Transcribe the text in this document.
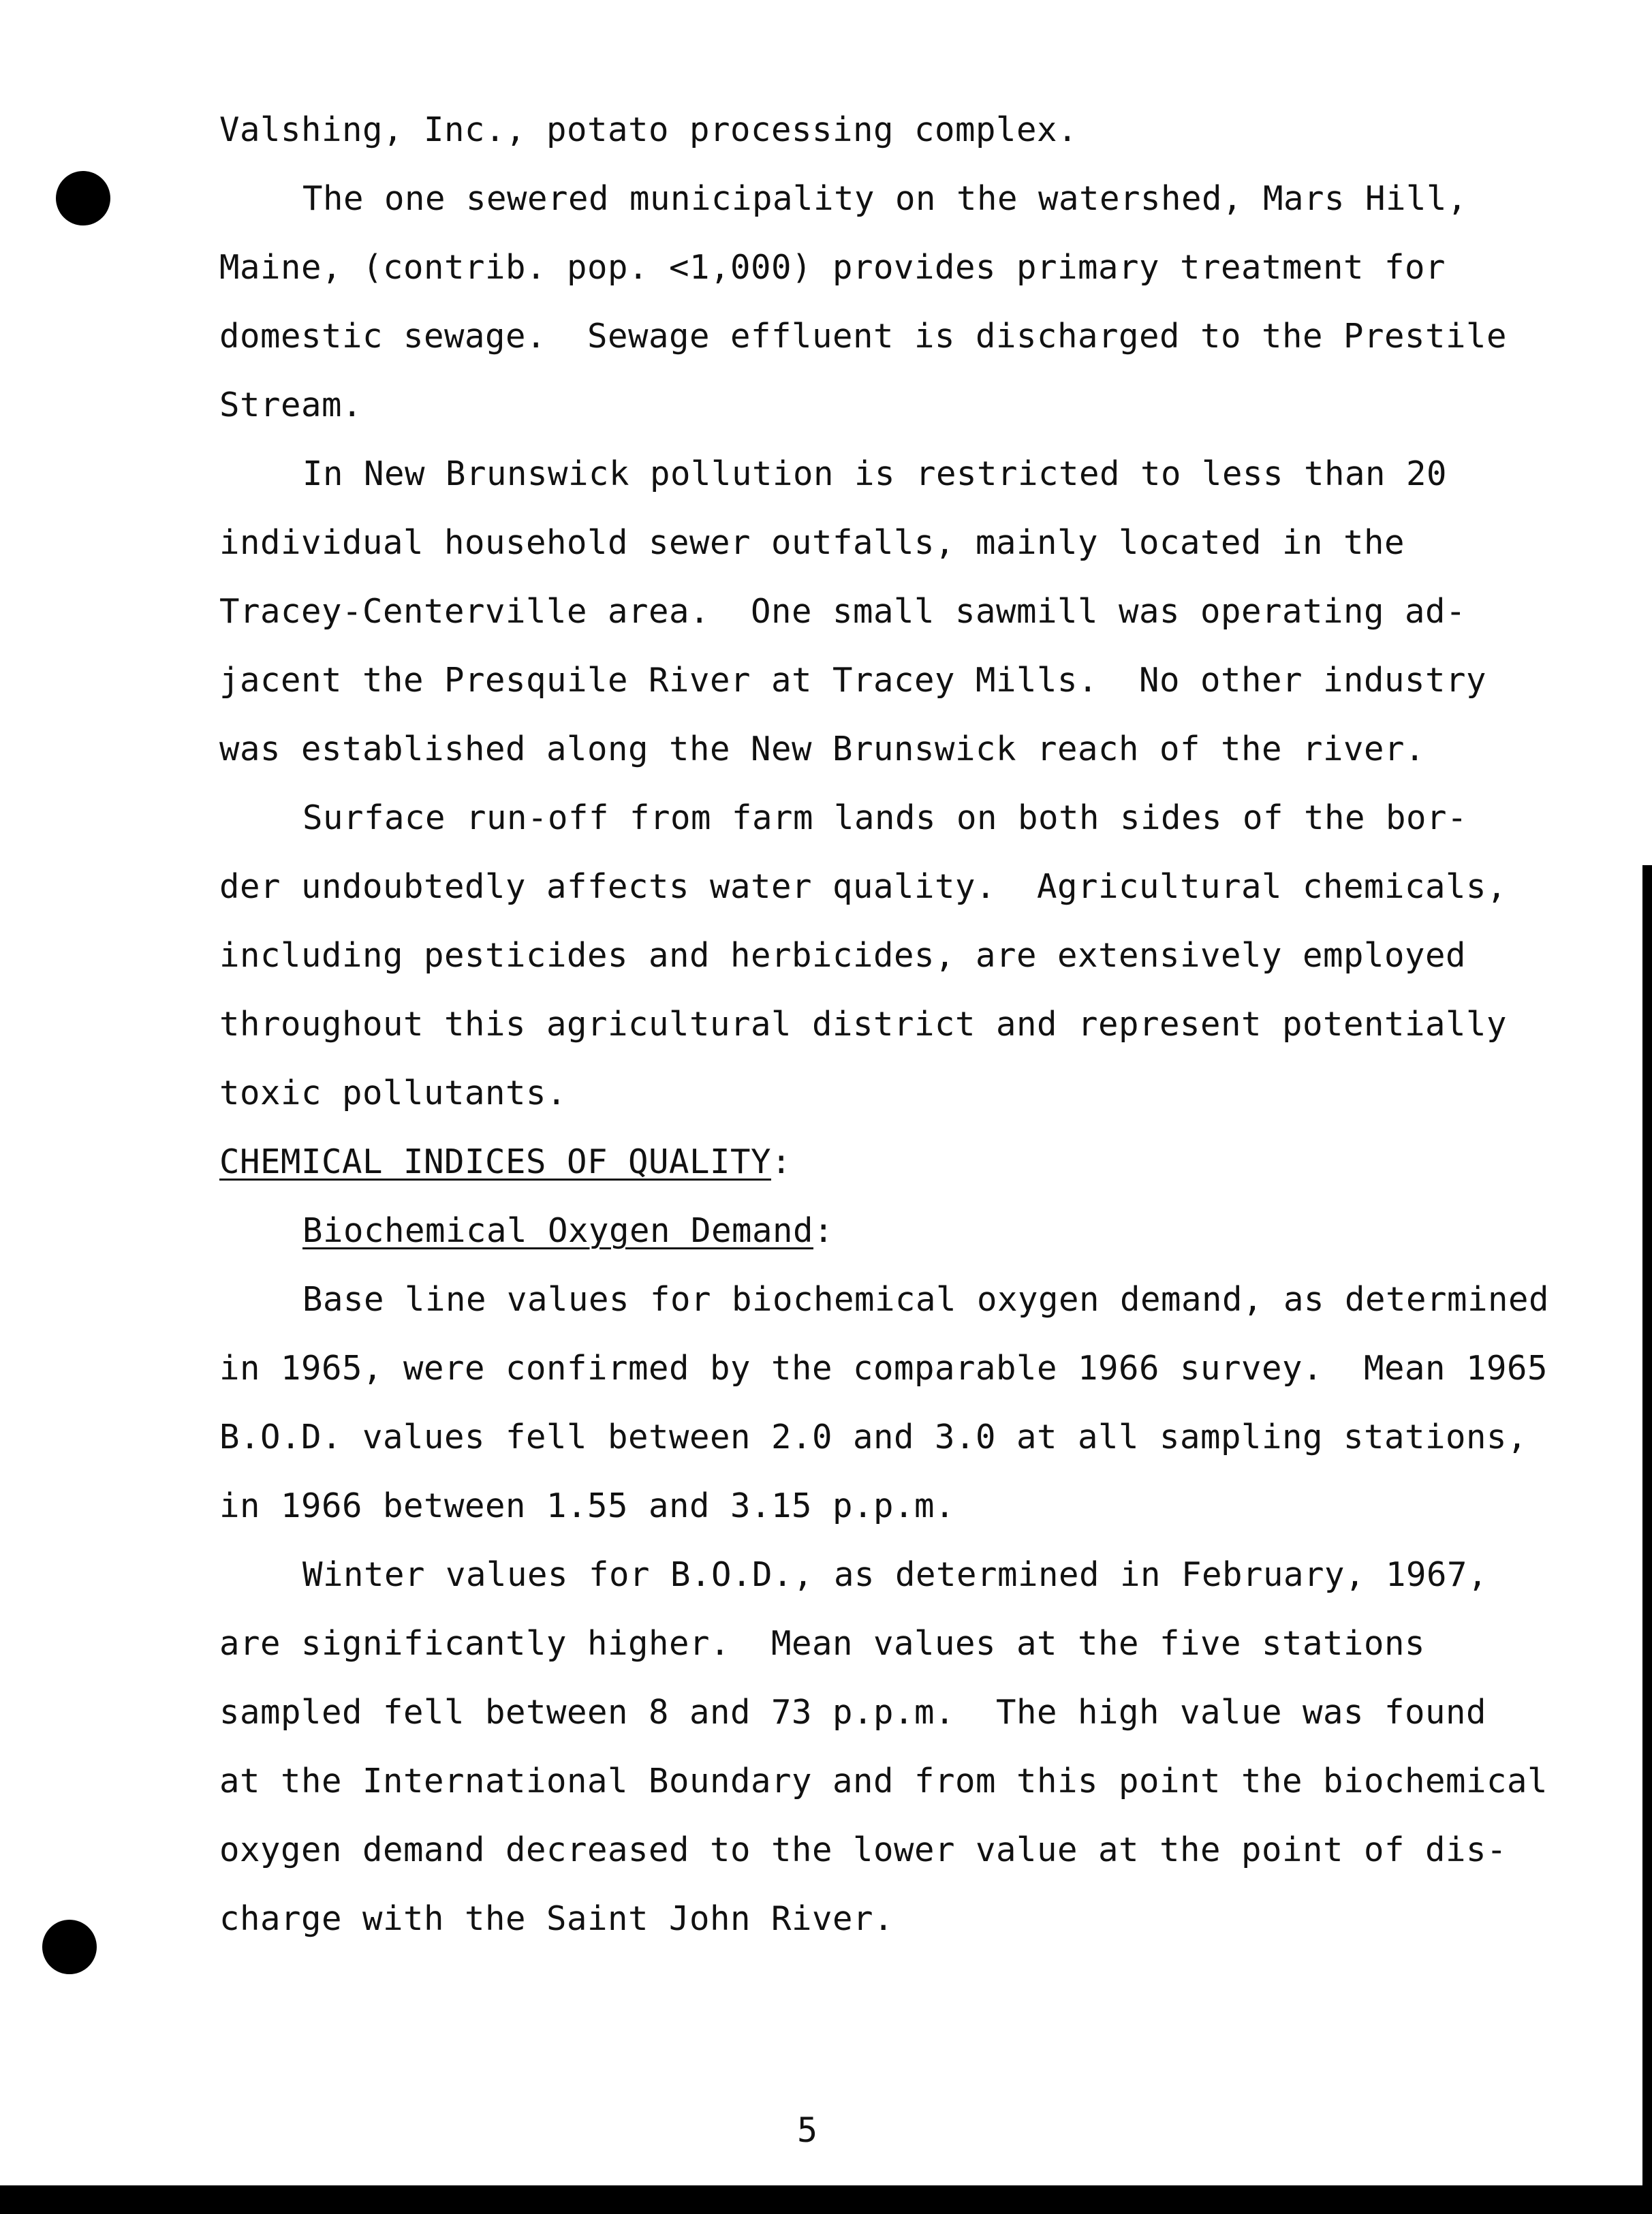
Valshing, Inc., potato processing complex.
The one sewered municipality on the watershed, Mars Hill,
Maine, (contrib. pop. <1,000) provides primary treatment for
domestic sewage.  Sewage effluent is discharged to the Prestile
Stream.
In New Brunswick pollution is restricted to less than 20
individual household sewer outfalls, mainly located in the
Tracey-Centerville area.  One small sawmill was operating ad-
jacent the Presquile River at Tracey Mills.  No other industry
was established along the New Brunswick reach of the river.
Surface run-off from farm lands on both sides of the bor-
der undoubtedly affects water quality.  Agricultural chemicals,
including pesticides and herbicides, are extensively employed
throughout this agricultural district and represent potentially
toxic pollutants.
CHEMICAL INDICES OF QUALITY:
Biochemical Oxygen Demand:
Base line values for biochemical oxygen demand, as determined
in 1965, were confirmed by the comparable 1966 survey.  Mean 1965
B.O.D. values fell between 2.0 and 3.0 at all sampling stations,
in 1966 between 1.55 and 3.15 p.p.m.
Winter values for B.O.D., as determined in February, 1967,
are significantly higher.  Mean values at the five stations
sampled fell between 8 and 73 p.p.m.  The high value was found
at the International Boundary and from this point the biochemical
oxygen demand decreased to the lower value at the point of dis-
charge with the Saint John River.
5
